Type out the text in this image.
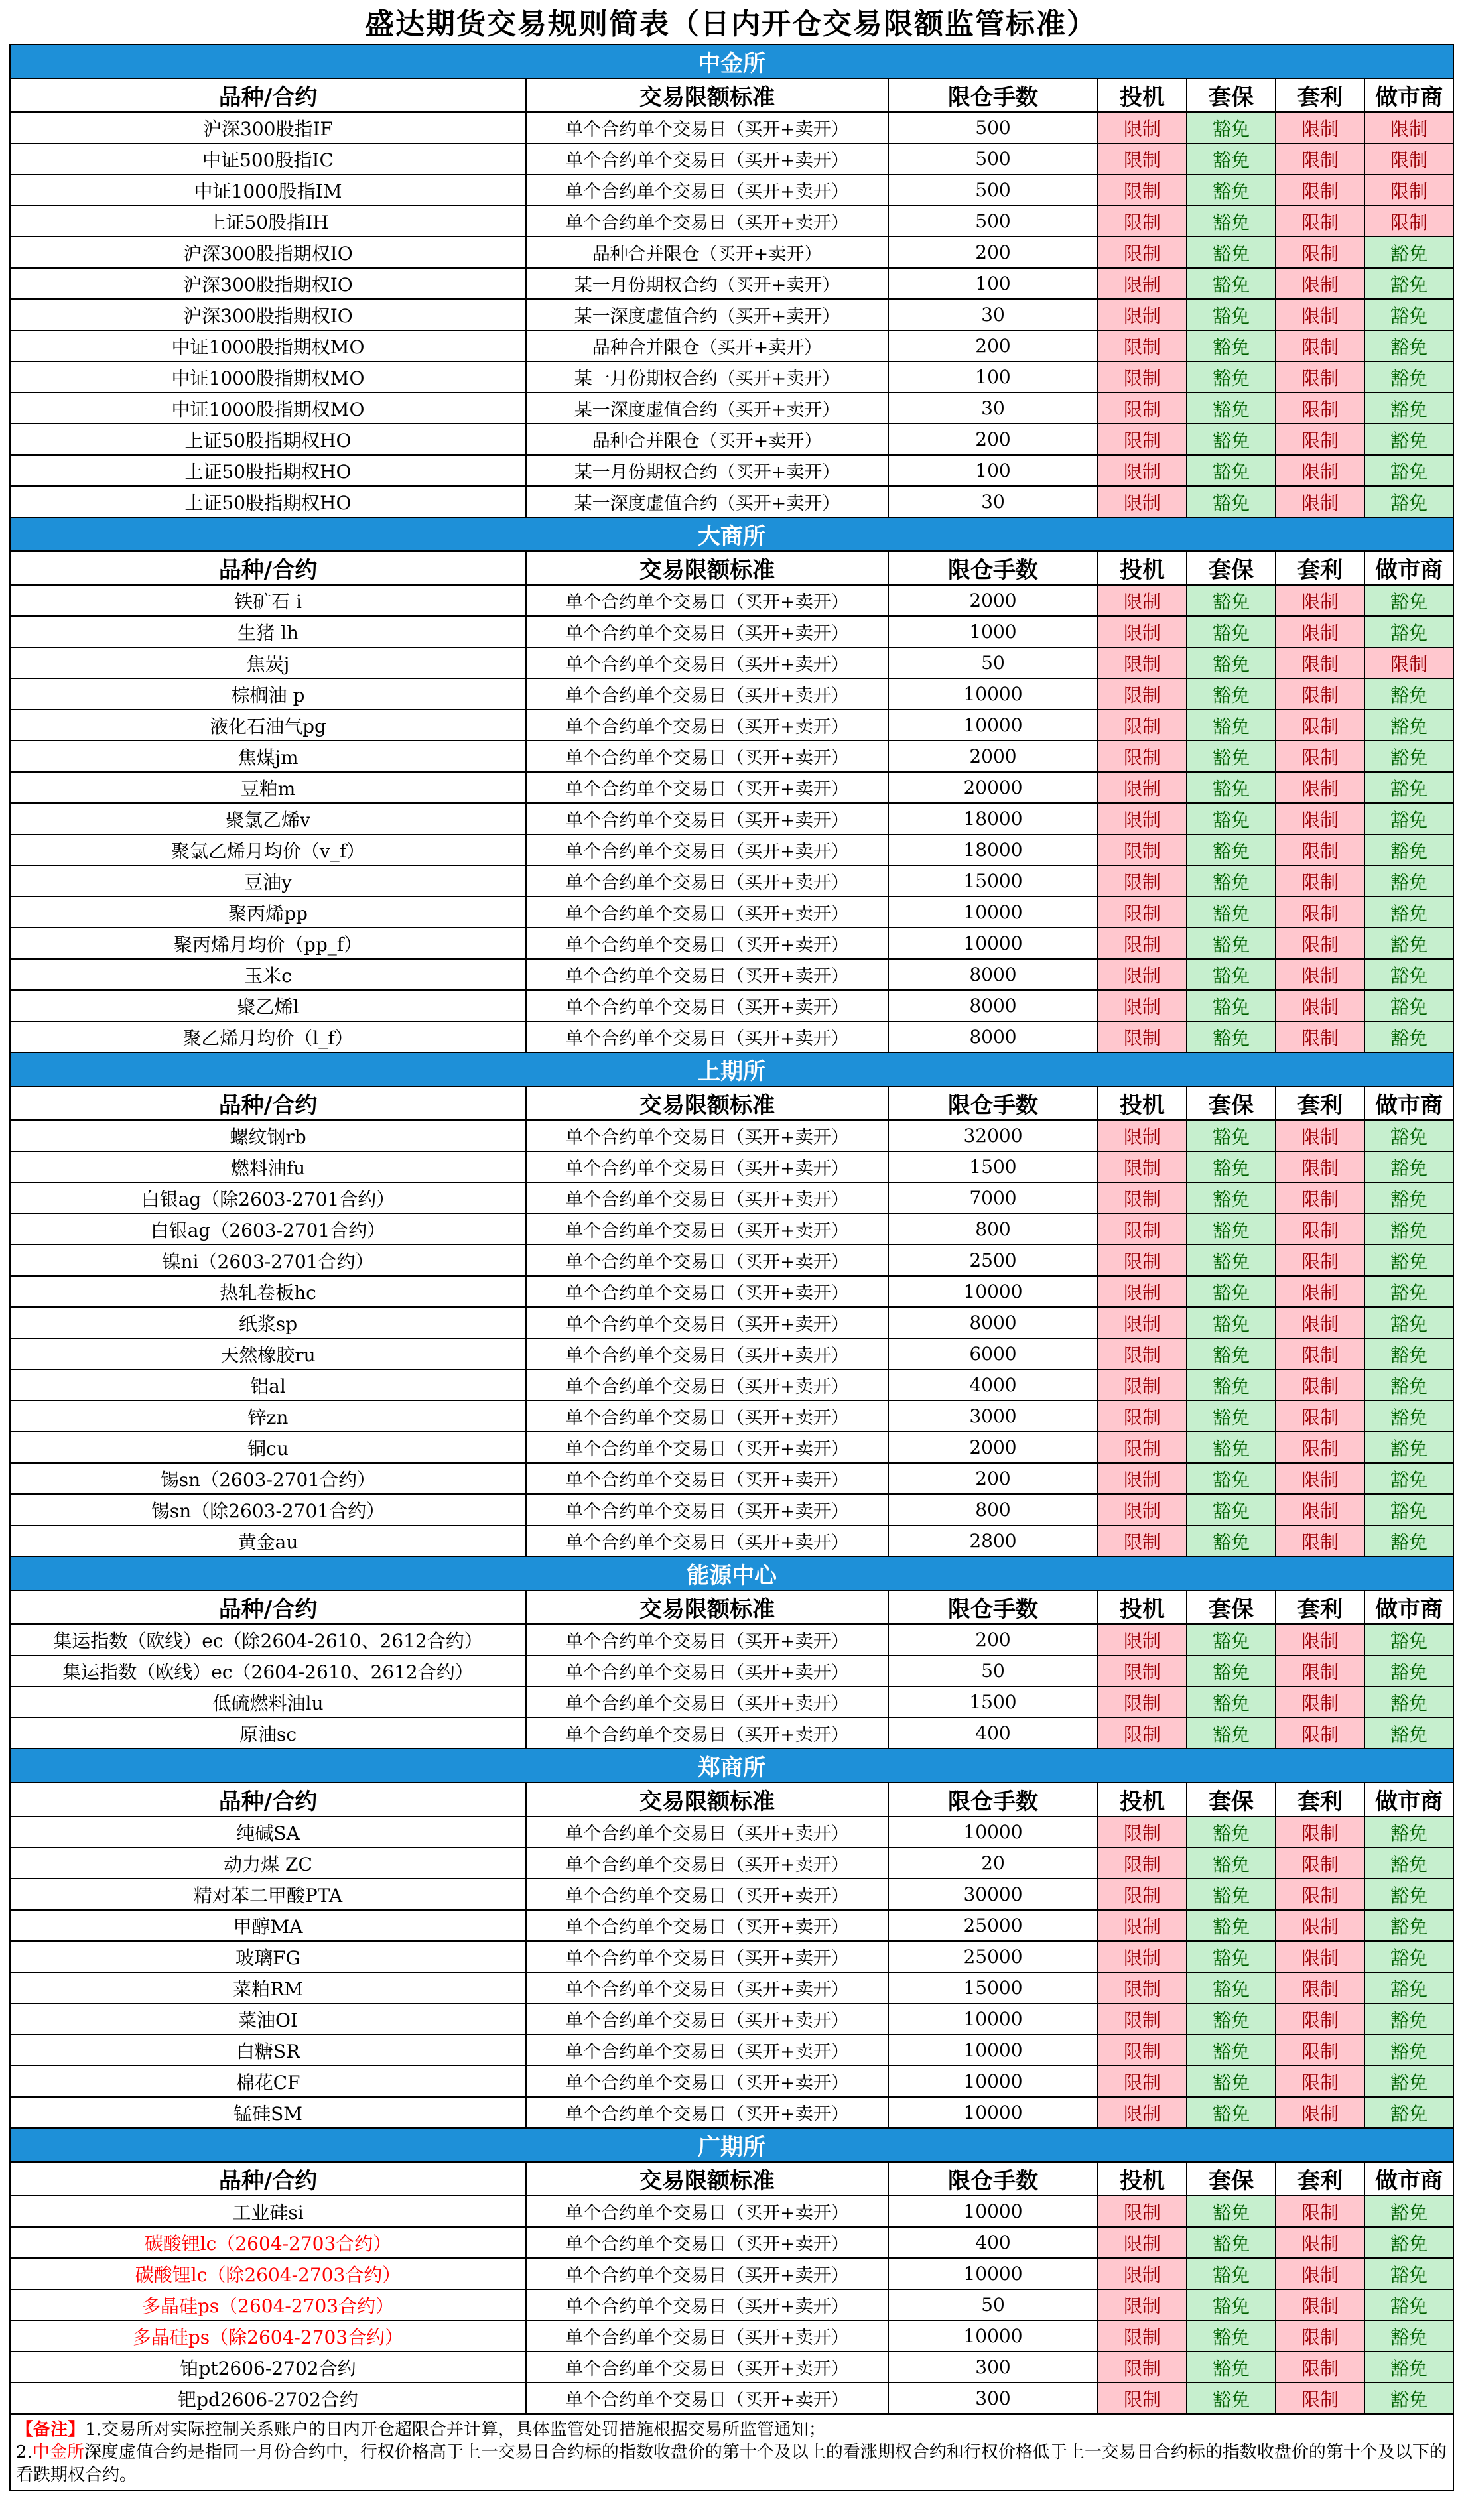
盛达期货交易规则简表（日内开仓交易限额监管标准）
中金所						
品种/合约	交易限额标准	限仓手数	投机	套保	套利	做市商
沪深300股指IF	单个合约单个交易日（买开+卖开）	500	限制	豁免	限制	限制
中证500股指IC	单个合约单个交易日（买开+卖开）	500	限制	豁免	限制	限制
中证1000股指IM	单个合约单个交易日（买开+卖开）	500	限制	豁免	限制	限制
上证50股指IH	单个合约单个交易日（买开+卖开）	500	限制	豁免	限制	限制
沪深300股指期权IO	品种合并限仓（买开+卖开）	200	限制	豁免	限制	豁免
沪深300股指期权IO	某一月份期权合约（买开+卖开）	100	限制	豁免	限制	豁免
沪深300股指期权IO	某一深度虚值合约（买开+卖开）	30	限制	豁免	限制	豁免
中证1000股指期权MO	品种合并限仓（买开+卖开）	200	限制	豁免	限制	豁免
中证1000股指期权MO	某一月份期权合约（买开+卖开）	100	限制	豁免	限制	豁免
中证1000股指期权MO	某一深度虚值合约（买开+卖开）	30	限制	豁免	限制	豁免
上证50股指期权HO	品种合并限仓（买开+卖开）	200	限制	豁免	限制	豁免
上证50股指期权HO	某一月份期权合约（买开+卖开）	100	限制	豁免	限制	豁免
上证50股指期权HO	某一深度虚值合约（买开+卖开）	30	限制	豁免	限制	豁免
大商所						
品种/合约	交易限额标准	限仓手数	投机	套保	套利	做市商
铁矿石 i	单个合约单个交易日（买开+卖开）	2000	限制	豁免	限制	豁免
生猪 lh	单个合约单个交易日（买开+卖开）	1000	限制	豁免	限制	豁免
焦炭j	单个合约单个交易日（买开+卖开）	50	限制	豁免	限制	限制
棕榈油 p	单个合约单个交易日（买开+卖开）	10000	限制	豁免	限制	豁免
液化石油气pg	单个合约单个交易日（买开+卖开）	10000	限制	豁免	限制	豁免
焦煤jm	单个合约单个交易日（买开+卖开）	2000	限制	豁免	限制	豁免
豆粕m	单个合约单个交易日（买开+卖开）	20000	限制	豁免	限制	豁免
聚氯乙烯v	单个合约单个交易日（买开+卖开）	18000	限制	豁免	限制	豁免
聚氯乙烯月均价（v_f）	单个合约单个交易日（买开+卖开）	18000	限制	豁免	限制	豁免
豆油y	单个合约单个交易日（买开+卖开）	15000	限制	豁免	限制	豁免
聚丙烯pp	单个合约单个交易日（买开+卖开）	10000	限制	豁免	限制	豁免
聚丙烯月均价（pp_f）	单个合约单个交易日（买开+卖开）	10000	限制	豁免	限制	豁免
玉米c	单个合约单个交易日（买开+卖开）	8000	限制	豁免	限制	豁免
聚乙烯l	单个合约单个交易日（买开+卖开）	8000	限制	豁免	限制	豁免
聚乙烯月均价（l_f）	单个合约单个交易日（买开+卖开）	8000	限制	豁免	限制	豁免
上期所						
品种/合约	交易限额标准	限仓手数	投机	套保	套利	做市商
螺纹钢rb	单个合约单个交易日（买开+卖开）	32000	限制	豁免	限制	豁免
燃料油fu	单个合约单个交易日（买开+卖开）	1500	限制	豁免	限制	豁免
白银ag（除2603-2701合约）	单个合约单个交易日（买开+卖开）	7000	限制	豁免	限制	豁免
白银ag（2603-2701合约）	单个合约单个交易日（买开+卖开）	800	限制	豁免	限制	豁免
镍ni（2603-2701合约）	单个合约单个交易日（买开+卖开）	2500	限制	豁免	限制	豁免
热轧卷板hc	单个合约单个交易日（买开+卖开）	10000	限制	豁免	限制	豁免
纸浆sp	单个合约单个交易日（买开+卖开）	8000	限制	豁免	限制	豁免
天然橡胶ru	单个合约单个交易日（买开+卖开）	6000	限制	豁免	限制	豁免
铝al	单个合约单个交易日（买开+卖开）	4000	限制	豁免	限制	豁免
锌zn	单个合约单个交易日（买开+卖开）	3000	限制	豁免	限制	豁免
铜cu	单个合约单个交易日（买开+卖开）	2000	限制	豁免	限制	豁免
锡sn（2603-2701合约）	单个合约单个交易日（买开+卖开）	200	限制	豁免	限制	豁免
锡sn（除2603-2701合约）	单个合约单个交易日（买开+卖开）	800	限制	豁免	限制	豁免
黄金au	单个合约单个交易日（买开+卖开）	2800	限制	豁免	限制	豁免
能源中心						
品种/合约	交易限额标准	限仓手数	投机	套保	套利	做市商
集运指数（欧线）ec（除2604-2610、2612合约）	单个合约单个交易日（买开+卖开）	200	限制	豁免	限制	豁免
集运指数（欧线）ec（2604-2610、2612合约）	单个合约单个交易日（买开+卖开）	50	限制	豁免	限制	豁免
低硫燃料油lu	单个合约单个交易日（买开+卖开）	1500	限制	豁免	限制	豁免
原油sc	单个合约单个交易日（买开+卖开）	400	限制	豁免	限制	豁免
郑商所						
品种/合约	交易限额标准	限仓手数	投机	套保	套利	做市商
纯碱SA	单个合约单个交易日（买开+卖开）	10000	限制	豁免	限制	豁免
动力煤 ZC	单个合约单个交易日（买开+卖开）	20	限制	豁免	限制	豁免
精对苯二甲酸PTA	单个合约单个交易日（买开+卖开）	30000	限制	豁免	限制	豁免
甲醇MA	单个合约单个交易日（买开+卖开）	25000	限制	豁免	限制	豁免
玻璃FG	单个合约单个交易日（买开+卖开）	25000	限制	豁免	限制	豁免
菜粕RM	单个合约单个交易日（买开+卖开）	15000	限制	豁免	限制	豁免
菜油OI	单个合约单个交易日（买开+卖开）	10000	限制	豁免	限制	豁免
白糖SR	单个合约单个交易日（买开+卖开）	10000	限制	豁免	限制	豁免
棉花CF	单个合约单个交易日（买开+卖开）	10000	限制	豁免	限制	豁免
锰硅SM	单个合约单个交易日（买开+卖开）	10000	限制	豁免	限制	豁免
广期所						
品种/合约	交易限额标准	限仓手数	投机	套保	套利	做市商
工业硅si	单个合约单个交易日（买开+卖开）	10000	限制	豁免	限制	豁免
碳酸锂lc（2604-2703合约）	单个合约单个交易日（买开+卖开）	400	限制	豁免	限制	豁免
碳酸锂lc（除2604-2703合约）	单个合约单个交易日（买开+卖开）	10000	限制	豁免	限制	豁免
多晶硅ps（2604-2703合约）	单个合约单个交易日（买开+卖开）	50	限制	豁免	限制	豁免
多晶硅ps（除2604-2703合约）	单个合约单个交易日（买开+卖开）	10000	限制	豁免	限制	豁免
铂pt2606-2702合约	单个合约单个交易日（买开+卖开）	300	限制	豁免	限制	豁免
钯pd2606-2702合约	单个合约单个交易日（买开+卖开）	300	限制	豁免	限制	豁免

【备注】1.交易所对实际控制关系账户的日内开仓超限合并计算，具体监管处罚措施根据交易所监管通知；
2.中金所深度虚值合约是指同一月份合约中，行权价格高于上一交易日合约标的指数收盘价的第十个及以上的看涨期权合约和行权价格低于上一交易日合约标的指数收盘价的第十个及以下的看跌期权合约。						
